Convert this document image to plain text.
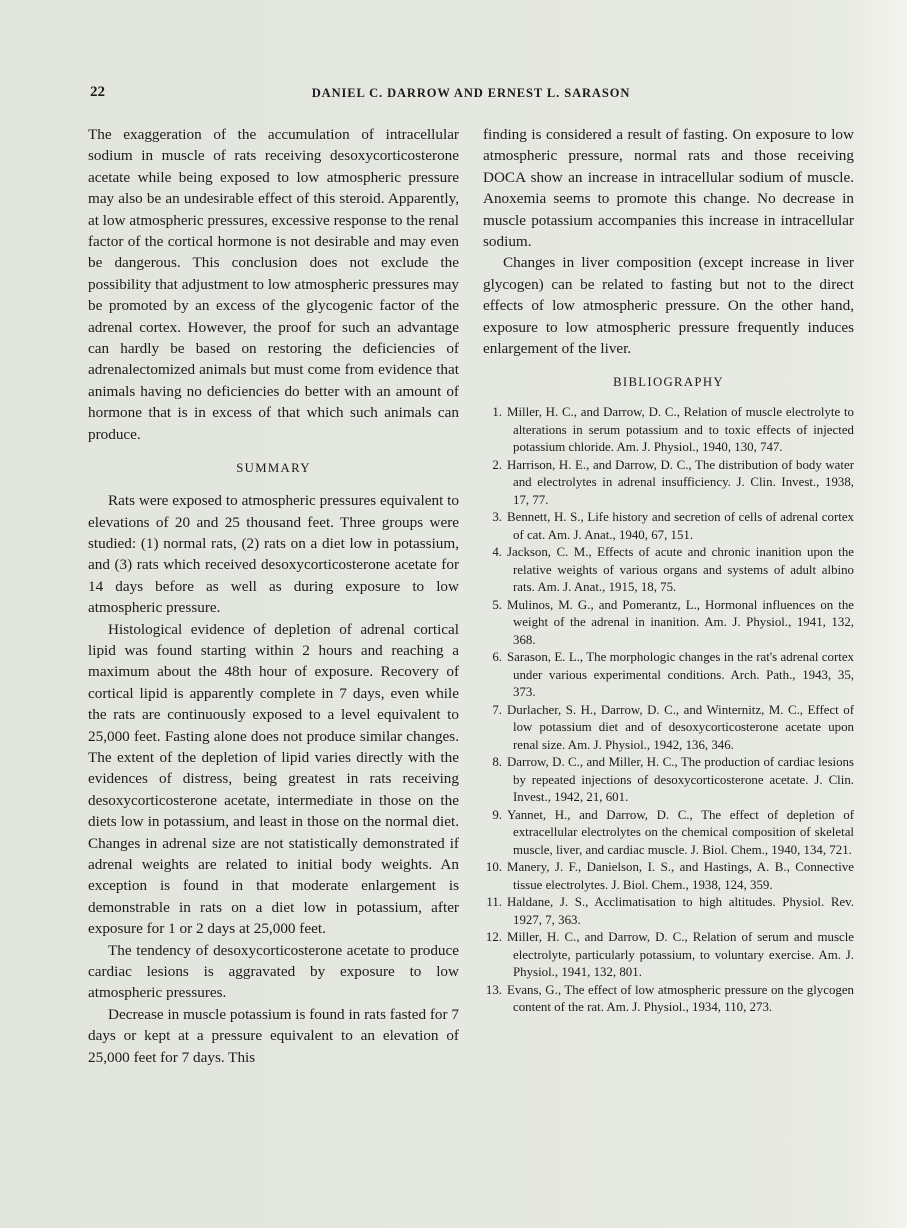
22	DANIEL C. DARROW AND ERNEST L. SARASON

The exaggeration of the accumulation of intracellular sodium in muscle of rats receiving desoxycorticosterone acetate while being exposed to low atmospheric pressure may also be an undesirable effect of this steroid. Apparently, at low atmospheric pressures, excessive response to the renal factor of the cortical hormone is not desirable and may even be dangerous. This conclusion does not exclude the possibility that adjustment to low atmospheric pressures may be promoted by an excess of the glycogenic factor of the adrenal cortex. However, the proof for such an advantage can hardly be based on restoring the deficiencies of adrenalectomized animals but must come from evidence that animals having no deficiencies do better with an amount of hormone that is in excess of that which such animals can produce.

SUMMARY

Rats were exposed to atmospheric pressures equivalent to elevations of 20 and 25 thousand feet. Three groups were studied: (1) normal rats, (2) rats on a diet low in potassium, and (3) rats which received desoxycorticosterone acetate for 14 days before as well as during exposure to low atmospheric pressure.

Histological evidence of depletion of adrenal cortical lipid was found starting within 2 hours and reaching a maximum about the 48th hour of exposure. Recovery of cortical lipid is apparently complete in 7 days, even while the rats are continuously exposed to a level equivalent to 25,000 feet. Fasting alone does not produce similar changes. The extent of the depletion of lipid varies directly with the evidences of distress, being greatest in rats receiving desoxycorticosterone acetate, intermediate in those on the diets low in potassium, and least in those on the normal diet. Changes in adrenal size are not statistically demonstrated if adrenal weights are related to initial body weights. An exception is found in that moderate enlargement is demonstrable in rats on a diet low in potassium, after exposure for 1 or 2 days at 25,000 feet.

The tendency of desoxycorticosterone acetate to produce cardiac lesions is aggravated by exposure to low atmospheric pressures.

Decrease in muscle potassium is found in rats fasted for 7 days or kept at a pressure equivalent to an elevation of 25,000 feet for 7 days. This

finding is considered a result of fasting. On exposure to low atmospheric pressure, normal rats and those receiving DOCA show an increase in intracellular sodium of muscle. Anoxemia seems to promote this change. No decrease in muscle potassium accompanies this increase in intracellular sodium.

Changes in liver composition (except increase in liver glycogen) can be related to fasting but not to the direct effects of low atmospheric pressure. On the other hand, exposure to low atmospheric pressure frequently induces enlargement of the liver.

BIBLIOGRAPHY
1. Miller, H. C., and Darrow, D. C., Relation of muscle electrolyte to alterations in serum potassium and to toxic effects of injected potassium chloride. Am. J. Physiol., 1940, 130, 747.
2. Harrison, H. E., and Darrow, D. C., The distribution of body water and electrolytes in adrenal insufficiency. J. Clin. Invest., 1938, 17, 77.
3. Bennett, H. S., Life history and secretion of cells of adrenal cortex of cat. Am. J. Anat., 1940, 67, 151.
4. Jackson, C. M., Effects of acute and chronic inanition upon the relative weights of various organs and systems of adult albino rats. Am. J. Anat., 1915, 18, 75.
5. Mulinos, M. G., and Pomerantz, L., Hormonal influences on the weight of the adrenal in inanition. Am. J. Physiol., 1941, 132, 368.
6. Sarason, E. L., The morphologic changes in the rat's adrenal cortex under various experimental conditions. Arch. Path., 1943, 35, 373.
7. Durlacher, S. H., Darrow, D. C., and Winternitz, M. C., Effect of low potassium diet and of desoxycorticosterone acetate upon renal size. Am. J. Physiol., 1942, 136, 346.
8. Darrow, D. C., and Miller, H. C., The production of cardiac lesions by repeated injections of desoxycorticosterone acetate. J. Clin. Invest., 1942, 21, 601.
9. Yannet, H., and Darrow, D. C., The effect of depletion of extracellular electrolytes on the chemical composition of skeletal muscle, liver, and cardiac muscle. J. Biol. Chem., 1940, 134, 721.
10. Manery, J. F., Danielson, I. S., and Hastings, A. B., Connective tissue electrolytes. J. Biol. Chem., 1938, 124, 359.
11. Haldane, J. S., Acclimatisation to high altitudes. Physiol. Rev. 1927, 7, 363.
12. Miller, H. C., and Darrow, D. C., Relation of serum and muscle electrolyte, particularly potassium, to voluntary exercise. Am. J. Physiol., 1941, 132, 801.
13. Evans, G., The effect of low atmospheric pressure on the glycogen content of the rat. Am. J. Physiol., 1934, 110, 273.
